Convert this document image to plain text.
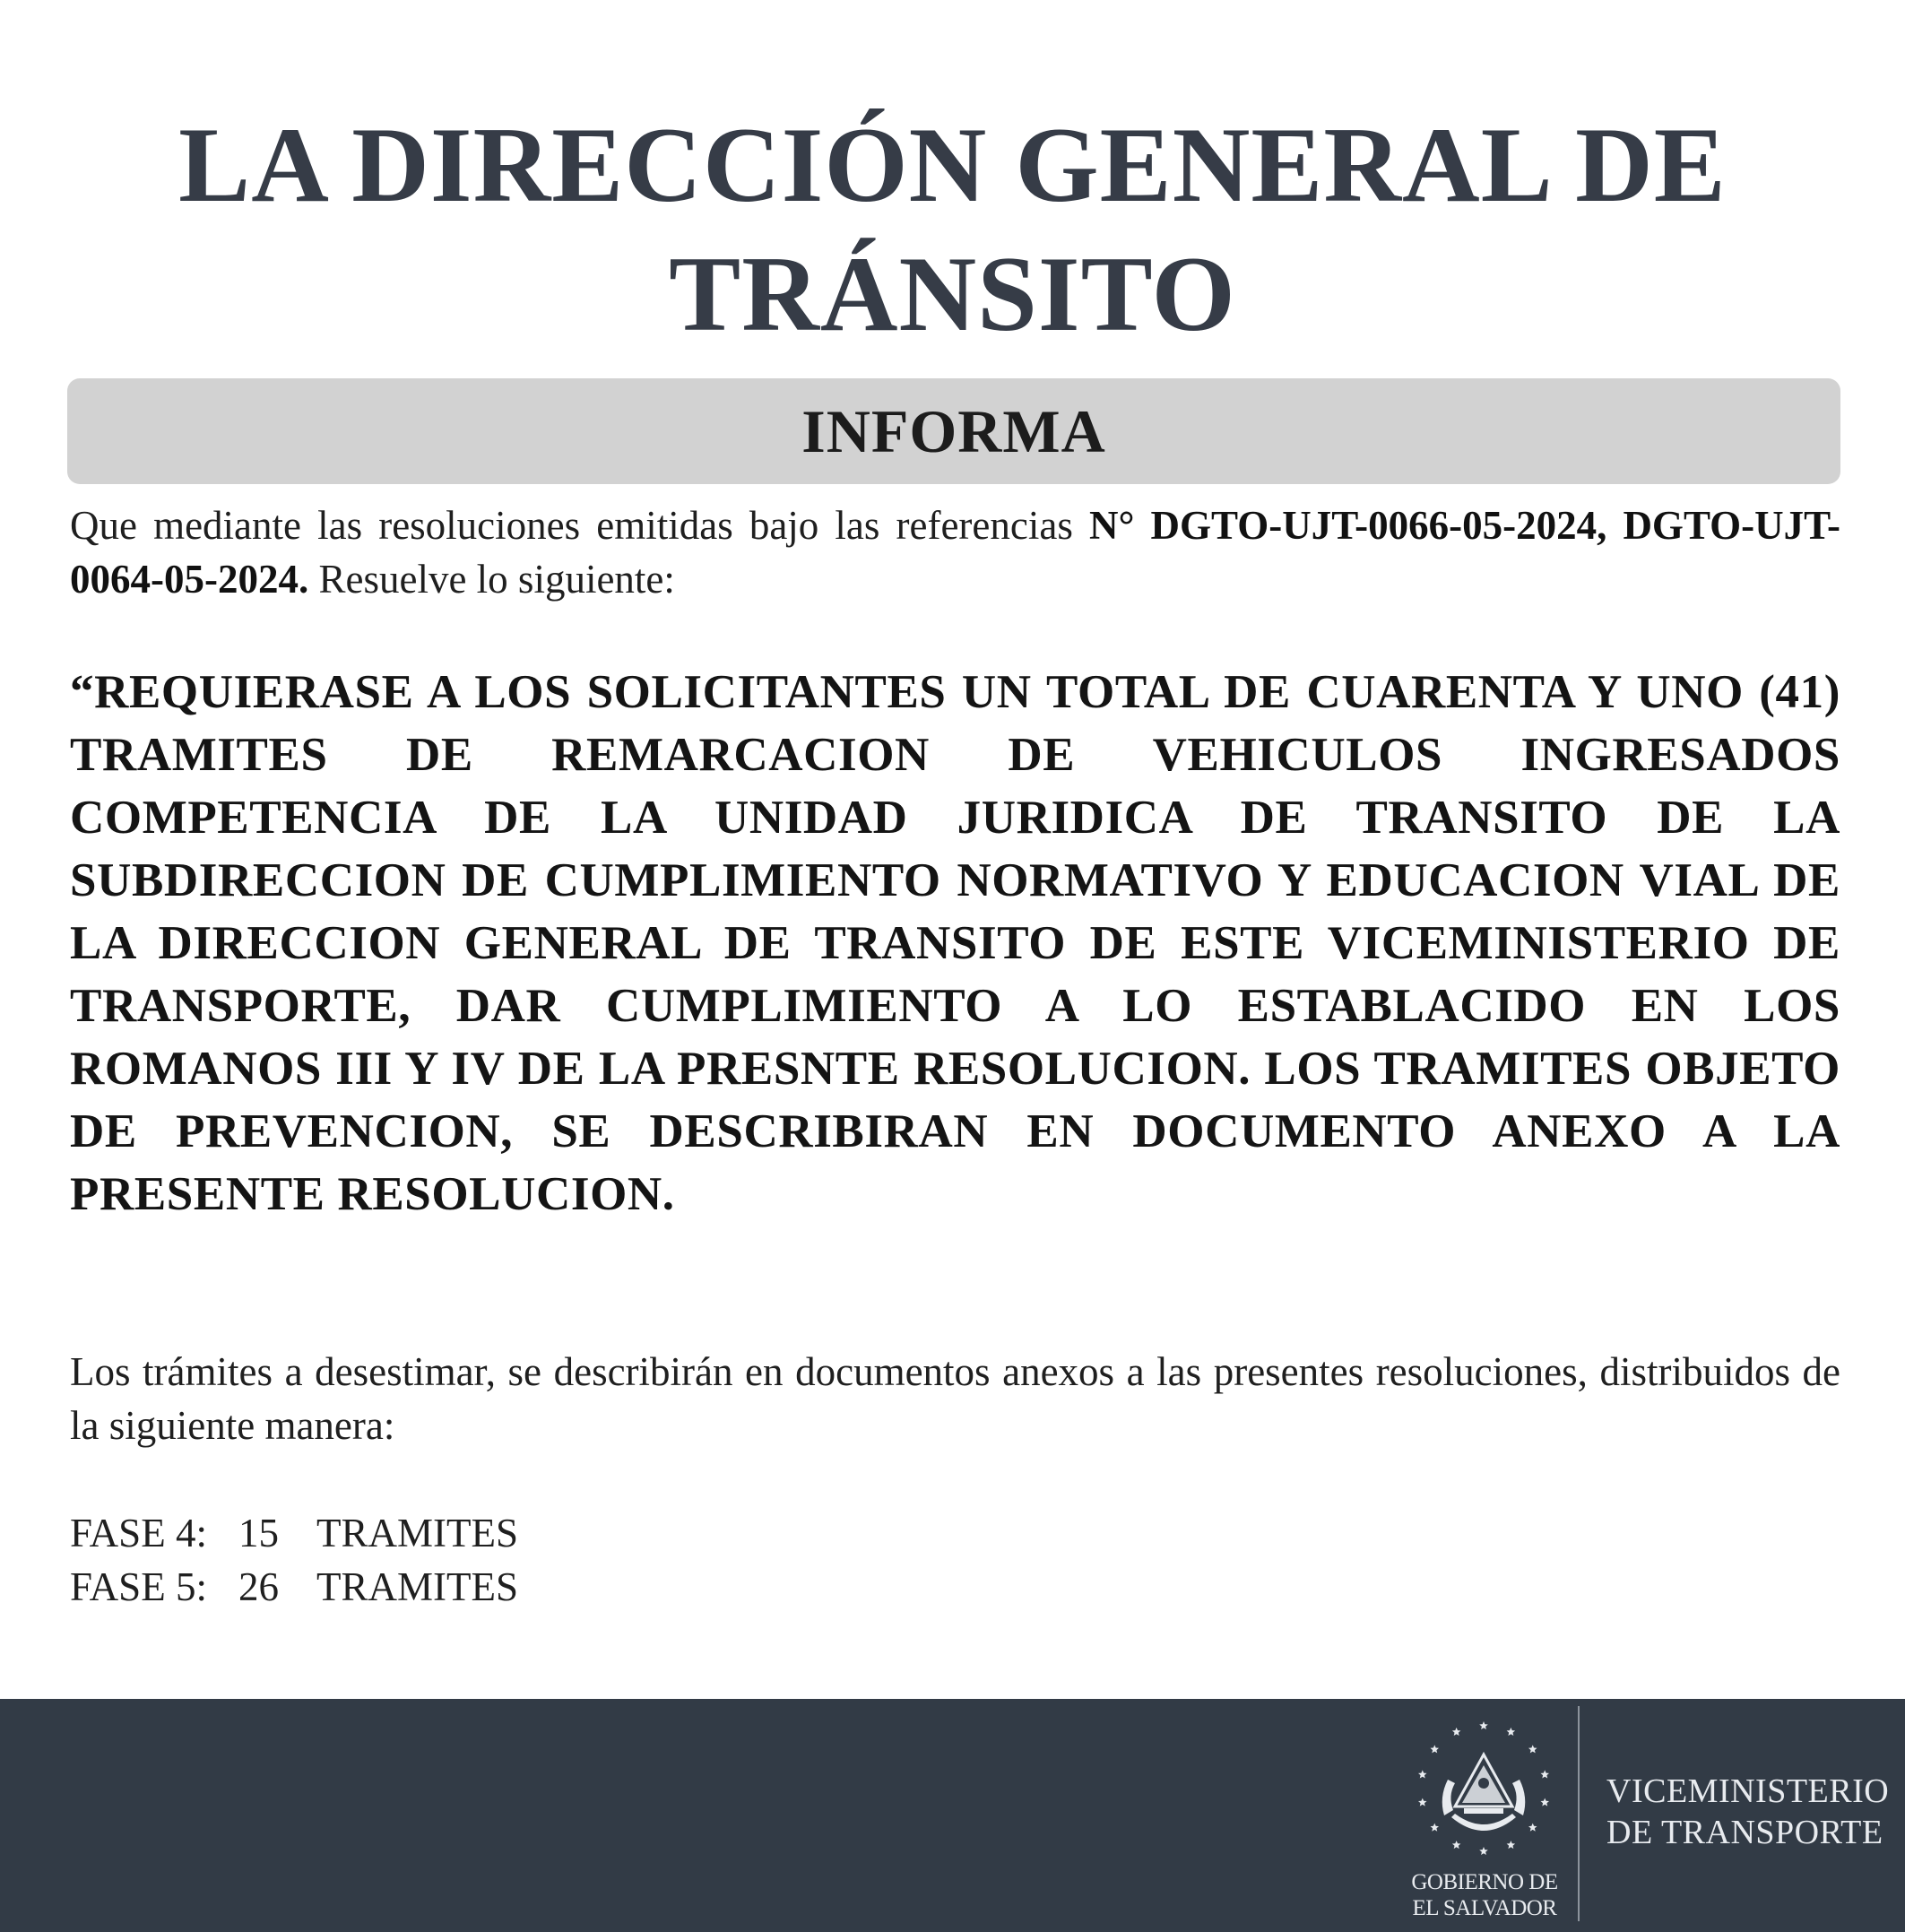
LA DIRECCIÓN GENERAL DE
TRÁNSITO
INFORMA

Que mediante las resoluciones emitidas bajo las referencias N° DGTO-UJT-0066-05-2024, DGTO-UJT-0064-05-2024. Resuelve lo siguiente:

“REQUIERASE A LOS SOLICITANTES UN TOTAL DE CUARENTA Y UNO (41) TRAMITES DE REMARCACION DE VEHICULOS INGRESADOS COMPETENCIA DE LA UNIDAD JURIDICA DE TRANSITO DE LA SUBDIRECCION DE CUMPLIMIENTO NORMATIVO Y EDUCACION VIAL DE LA DIRECCION GENERAL DE TRANSITO DE ESTE VICEMINISTERIO DE TRANSPORTE, DAR CUMPLIMIENTO A LO ESTABLACIDO EN LOS ROMANOS III Y IV DE LA PRESNTE RESOLUCION. LOS TRAMITES OBJETO DE PREVENCION, SE DESCRIBIRAN EN DOCUMENTO ANEXO A LA PRESENTE RESOLUCION.

Los trámites a desestimar, se describirán en documentos anexos a las presentes resoluciones, distribuidos de la siguiente manera:

FASE 4: 15 TRAMITES
FASE 5: 26 TRAMITES
GOBIERNO DE
EL SALVADOR
VICEMINISTERIO
DE TRANSPORTE
